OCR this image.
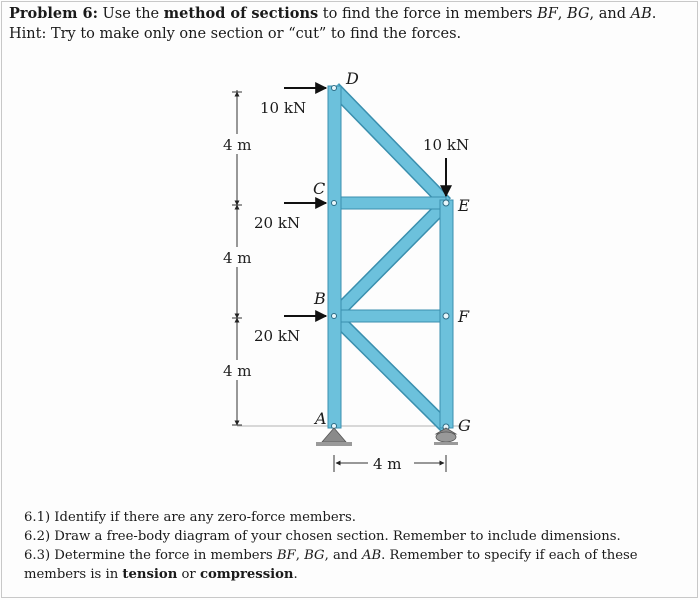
Problem 6: Use the method of sections to find the force in members BF, BG, and AB. Hint: Try to make only one section or “cut” to find the forces.
4 m
4 m
4 m
10 kN
20 kN
20 kN
10 kN
D
C
B
A
E
F
G
4 m

6.1) Identify if there are any zero-force members.

6.2) Draw a free-body diagram of your chosen section. Remember to include dimensions.

6.3) Determine the force in members BF, BG, and AB. Remember to specify if each of these members is in tension or compression.
